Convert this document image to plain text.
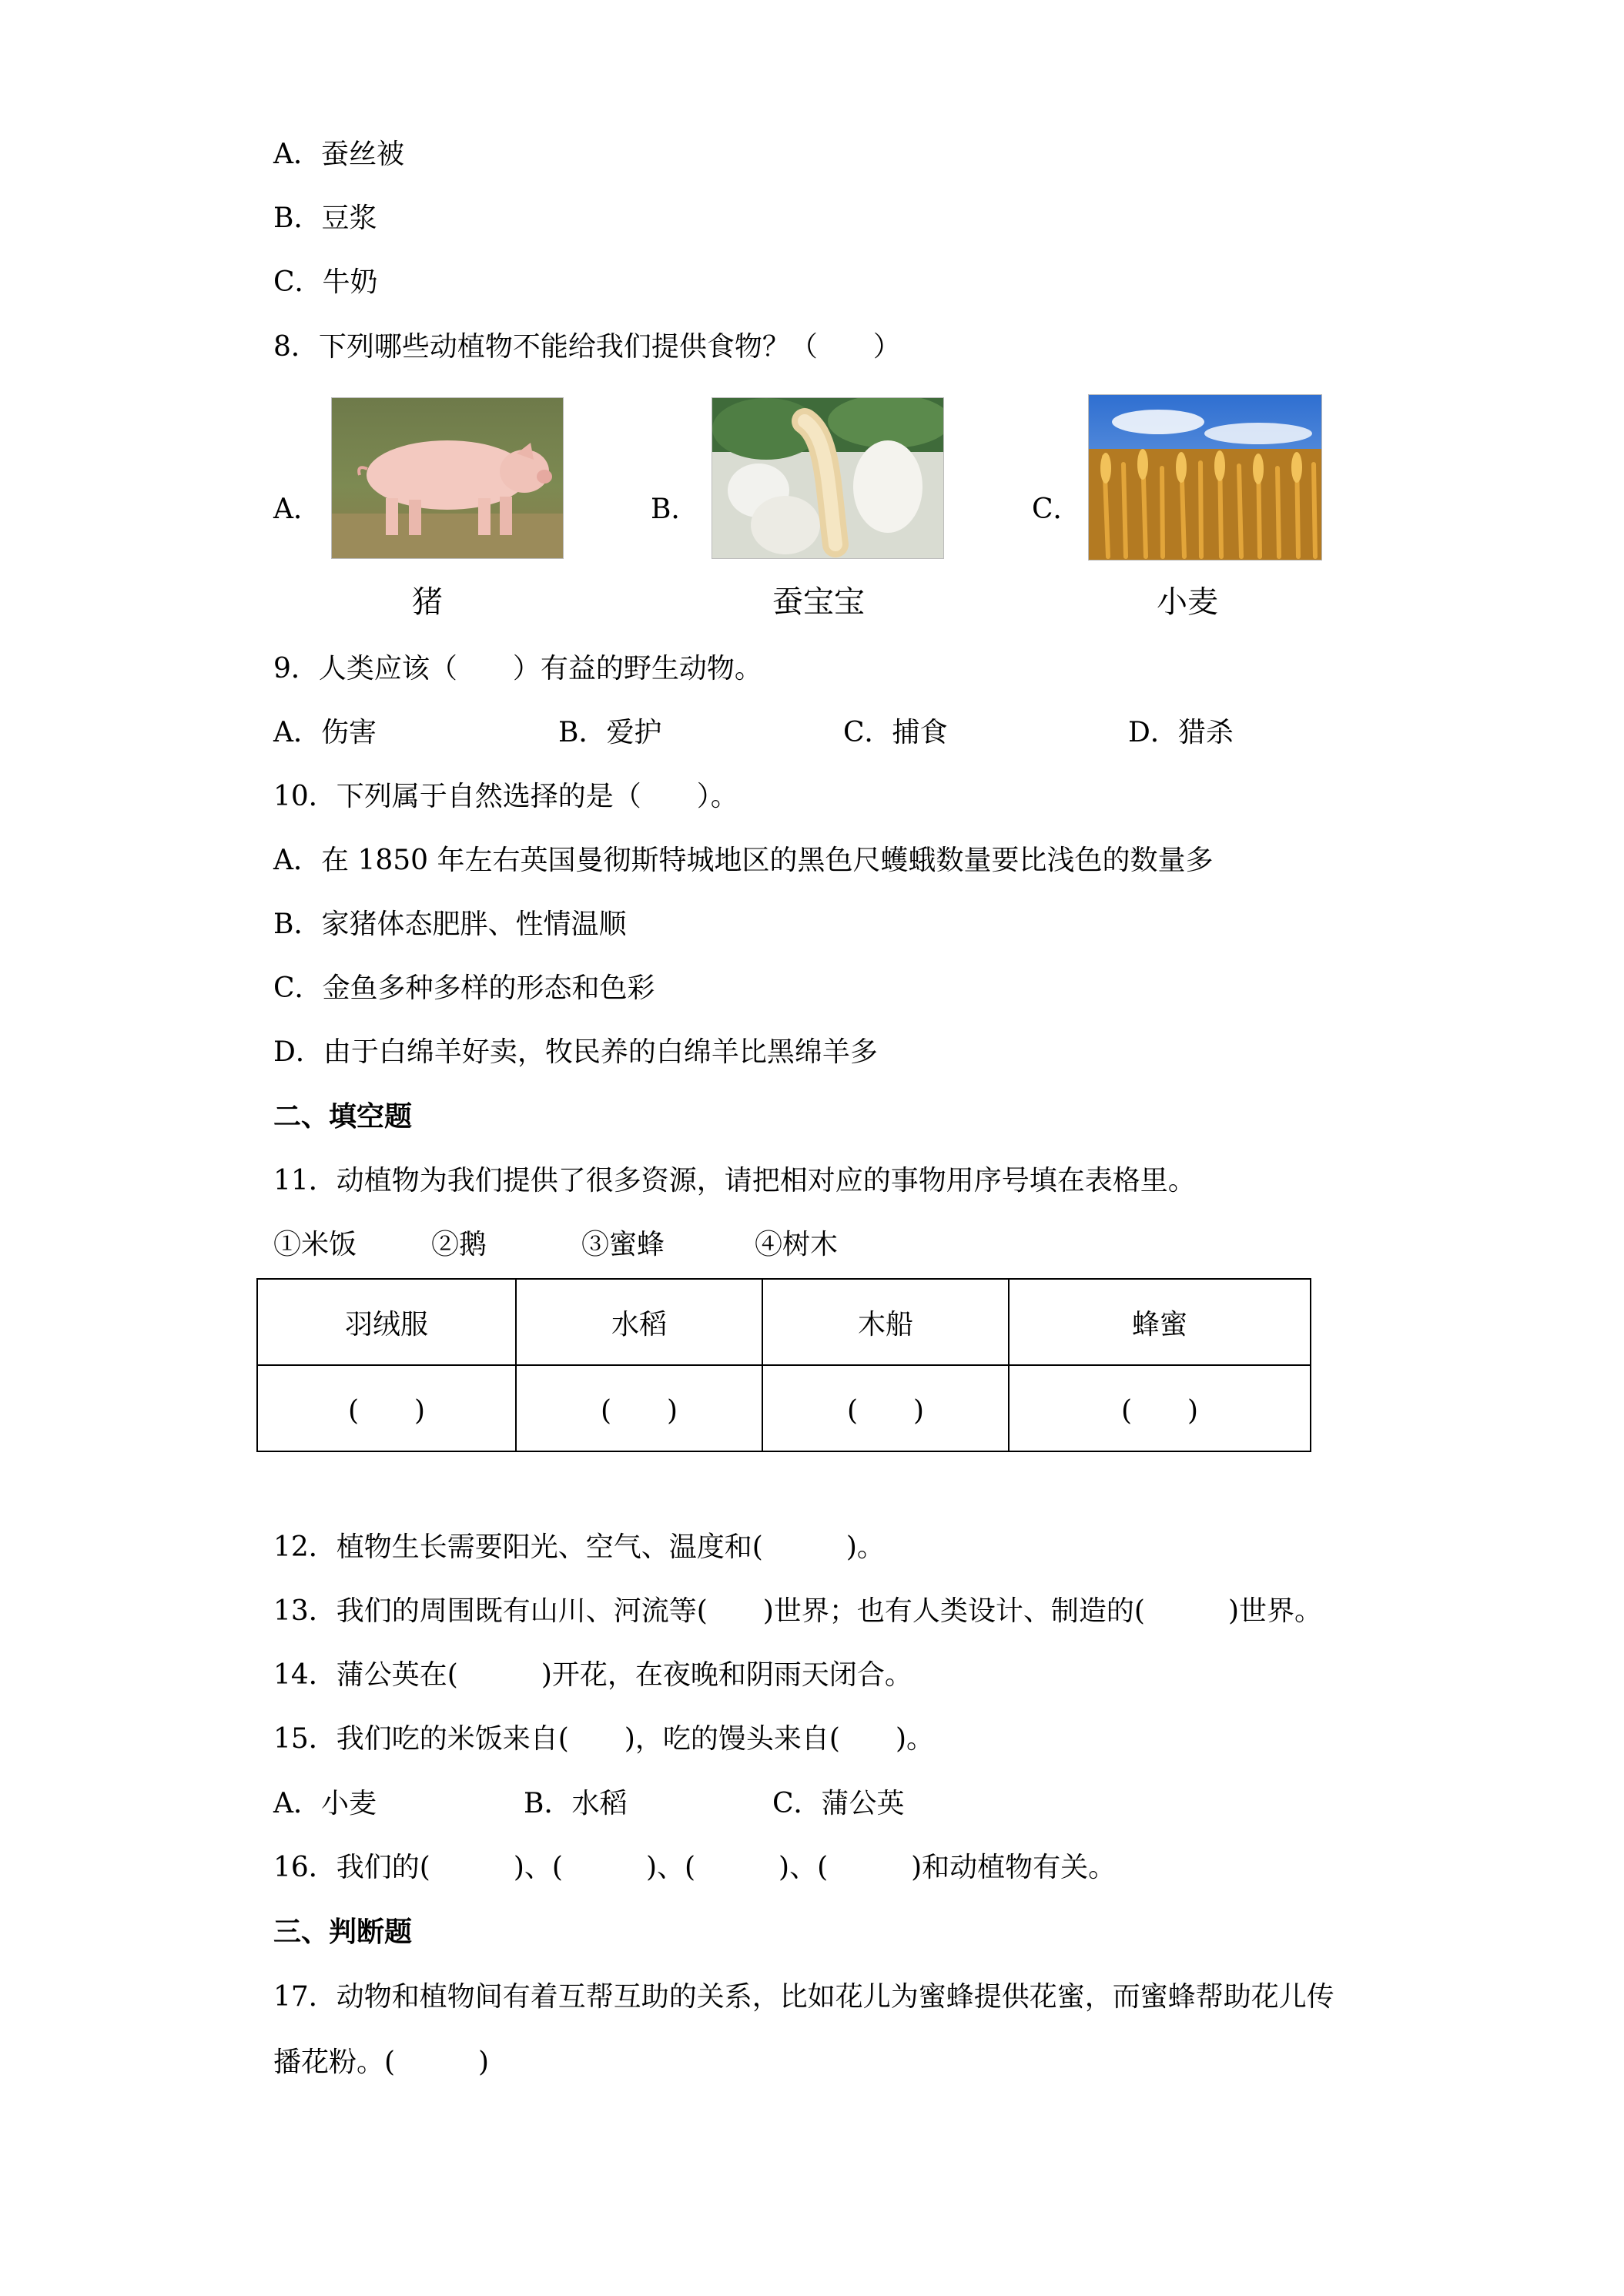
A．蚕丝被
B．豆浆
C．牛奶
8．下列哪些动植物不能给我们提供食物？（　　）
A．
猪
B．
蚕宝宝
C．
小麦
9．人类应该（　　）有益的野生动物。
A．伤害	B．爱护	C．捕食	D．猎杀
10．下列属于自然选择的是（　　）。
A．在 1850 年左右英国曼彻斯特城地区的黑色尺蠖蛾数量要比浅色的数量多
B．家猪体态肥胖、性情温顺
C．金鱼多种多样的形态和色彩
D．由于白绵羊好卖，牧民养的白绵羊比黑绵羊多
二、填空题
11．动植物为我们提供了很多资源，请把相对应的事物用序号填在表格里。
①米饭	②鹅	③蜜蜂	④树木
羽绒服	水稻	木船	蜂蜜
(　　)	(　　)	(　　)	(　　)
12．植物生长需要阳光、空气、温度和(　　　)。
13．我们的周围既有山川、河流等(　　)世界；也有人类设计、制造的(　　　)世界。
14．蒲公英在(　　　)开花，在夜晚和阴雨天闭合。
15．我们吃的米饭来自(　　)，吃的馒头来自(　　)。
A．小麦	B．水稻	C．蒲公英
16．我们的(　　　)、(　　　)、(　　　)、(　　　)和动植物有关。
三、判断题
17．动物和植物间有着互帮互助的关系，比如花儿为蜜蜂提供花蜜，而蜜蜂帮助花儿传
播花粉。(　　　)
